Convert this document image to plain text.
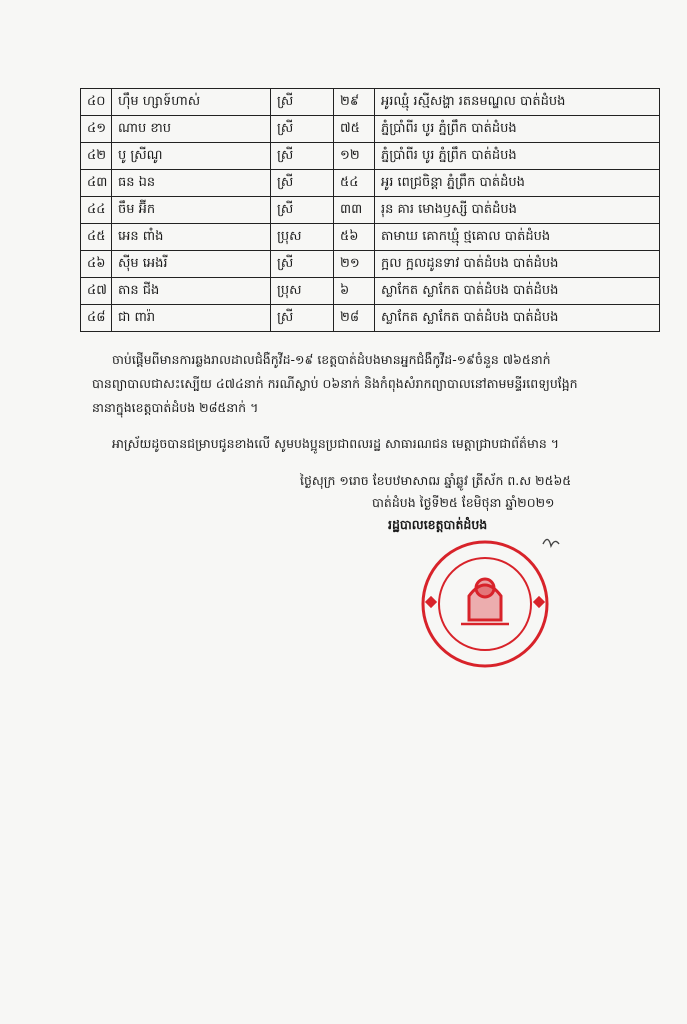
៤០	ហ៊ឹម ហ្សាទ៍ហាស់	ស្រី	២៩	អូរឈ្មុំ រស្មីសង្ហា រតនមណ្ឌល បាត់ដំបង
៤១	ណាប ខាប	ស្រី	៧៥	ភ្នំប្រាំពីរ បូរ ភ្នំព្រឹក បាត់ដំបង
៤២	បូ ស្រីណូ	ស្រី	១២	ភ្នំប្រាំពីរ បូរ ភ្នំព្រឹក បាត់ដំបង
៤៣	ធន ឯន	ស្រី	៥៤	អូរ ពេជ្រចិន្តា ភ្នំព្រឹក បាត់ដំបង
៤៤	ចឹម អ៊ីក	ស្រី	៣៣	រុន គារ មោងឫស្សី បាត់ដំបង
៤៥	អេន ពាំង	ប្រុស	៥៦	តាមាឃ គោកឃ្មុំ ថ្មគោល បាត់ដំបង
៤៦	ស៊ីម អេងរី	ស្រី	២១	ក្អល ក្អលដូនទាវ បាត់ដំបង បាត់ដំបង
៤៧	តាន ជីង	ប្រុស	៦	ស្លាកែត ស្លាកែត បាត់ដំបង បាត់ដំបង
៤៨	ជា ពារ៉ា	ស្រី	២៨	ស្លាកែត ស្លាកែត បាត់ដំបង បាត់ដំបង

ចាប់ផ្តើមពីមានការឆ្លងរាលដាលជំងឺកូវីដ-១៩ ខេត្តបាត់ដំបងមានអ្នកជំងឺកូវីដ-១៩ចំនួន ៧៦៥នាក់

បានព្យាបាលជាសះស្បើយ ៤៧៤នាក់ ករណីស្លាប់ ០៦នាក់ និងកំពុងសំរាកព្យាបាលនៅតាមមន្ទីរពេទ្យបង្អែក

នានាក្នុងខេត្តបាត់ដំបង ២៨៥នាក់ ។

អាស្រ័យដូចបានជម្រាបជូនខាងលើ សូមបងប្អូនប្រជាពលរដ្ឋ សាធារណជន មេត្តាជ្រាបជាព័ត៌មាន ។

ថ្ងៃសុក្រ ១រោច ខែបឋមាសាឍ ឆ្នាំឆ្លូវ ត្រីស័ក ព.ស ២៥៦៥
បាត់ដំបង ថ្ងៃទី២៥ ខែមិថុនា ឆ្នាំ២០២១
រដ្ឋបាលខេត្តបាត់ដំបង
